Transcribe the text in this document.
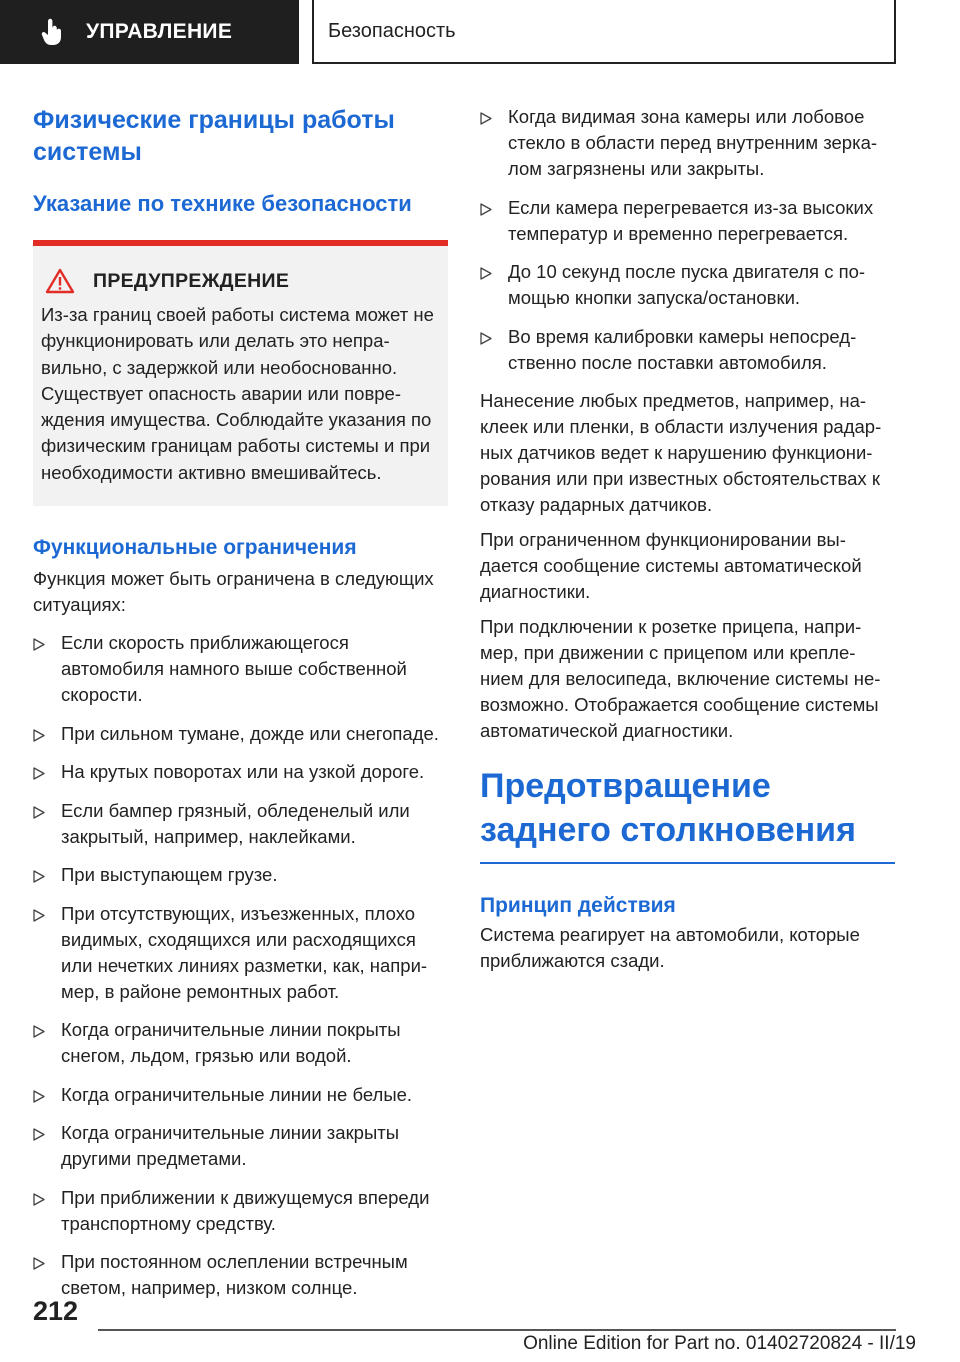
УПРАВЛЕНИЕ	Безопасность
Физические границы работы системы
Указание по технике безопасности
ПРЕДУПРЕЖДЕНИЕ
Из-за границ своей работы система может не функционировать или делать это непра-вильно, с задержкой или необоснованно. Существует опасность аварии или повре-ждения имущества. Соблюдайте указания по физическим границам работы системы и при необходимости активно вмешивайтесь.
Функциональные ограничения

Функция может быть ограничена в следующих ситуациях:

Если скорость приближающегося автомобиля намного выше собственной скорости.
При сильном тумане, дожде или снегопаде.
На крутых поворотах или на узкой дороге.
Если бампер грязный, обледенелый или закрытый, например, наклейками.
При выступающем грузе.
При отсутствующих, изъезженных, плохо видимых, сходящихся или расходящихся или нечетких линиях разметки, как, напри-мер, в районе ремонтных работ.
Когда ограничительные линии покрыты снегом, льдом, грязью или водой.
Когда ограничительные линии не белые.
Когда ограничительные линии закрыты другими предметами.
При приближении к движущемуся впереди транспортному средству.
При постоянном ослеплении встречным светом, например, низком солнце.
Когда видимая зона камеры или лобовое стекло в области перед внутренним зерка-лом загрязнены или закрыты.
Если камера перегревается из-за высоких температур и временно перегревается.
До 10 секунд после пуска двигателя с по-мощью кнопки запуска/остановки.
Во время калибровки камеры непосред-ственно после поставки автомобиля.

Нанесение любых предметов, например, на-клеек или пленки, в области излучения радар-ных датчиков ведет к нарушению функциони-рования или при известных обстоятельствах к отказу радарных датчиков.

При ограниченном функционировании вы-дается сообщение системы автоматической диагностики.

При подключении к розетке прицепа, напри-мер, при движении с прицепом или крепле-нием для велосипеда, включение системы не-возможно. Отображается сообщение системы автоматической диагностики.

Предотвращение заднего столкновения
Принцип действия

Система реагирует на автомобили, которые приближаются сзади.

212
Online Edition for Part no. 01402720824 - II/19
